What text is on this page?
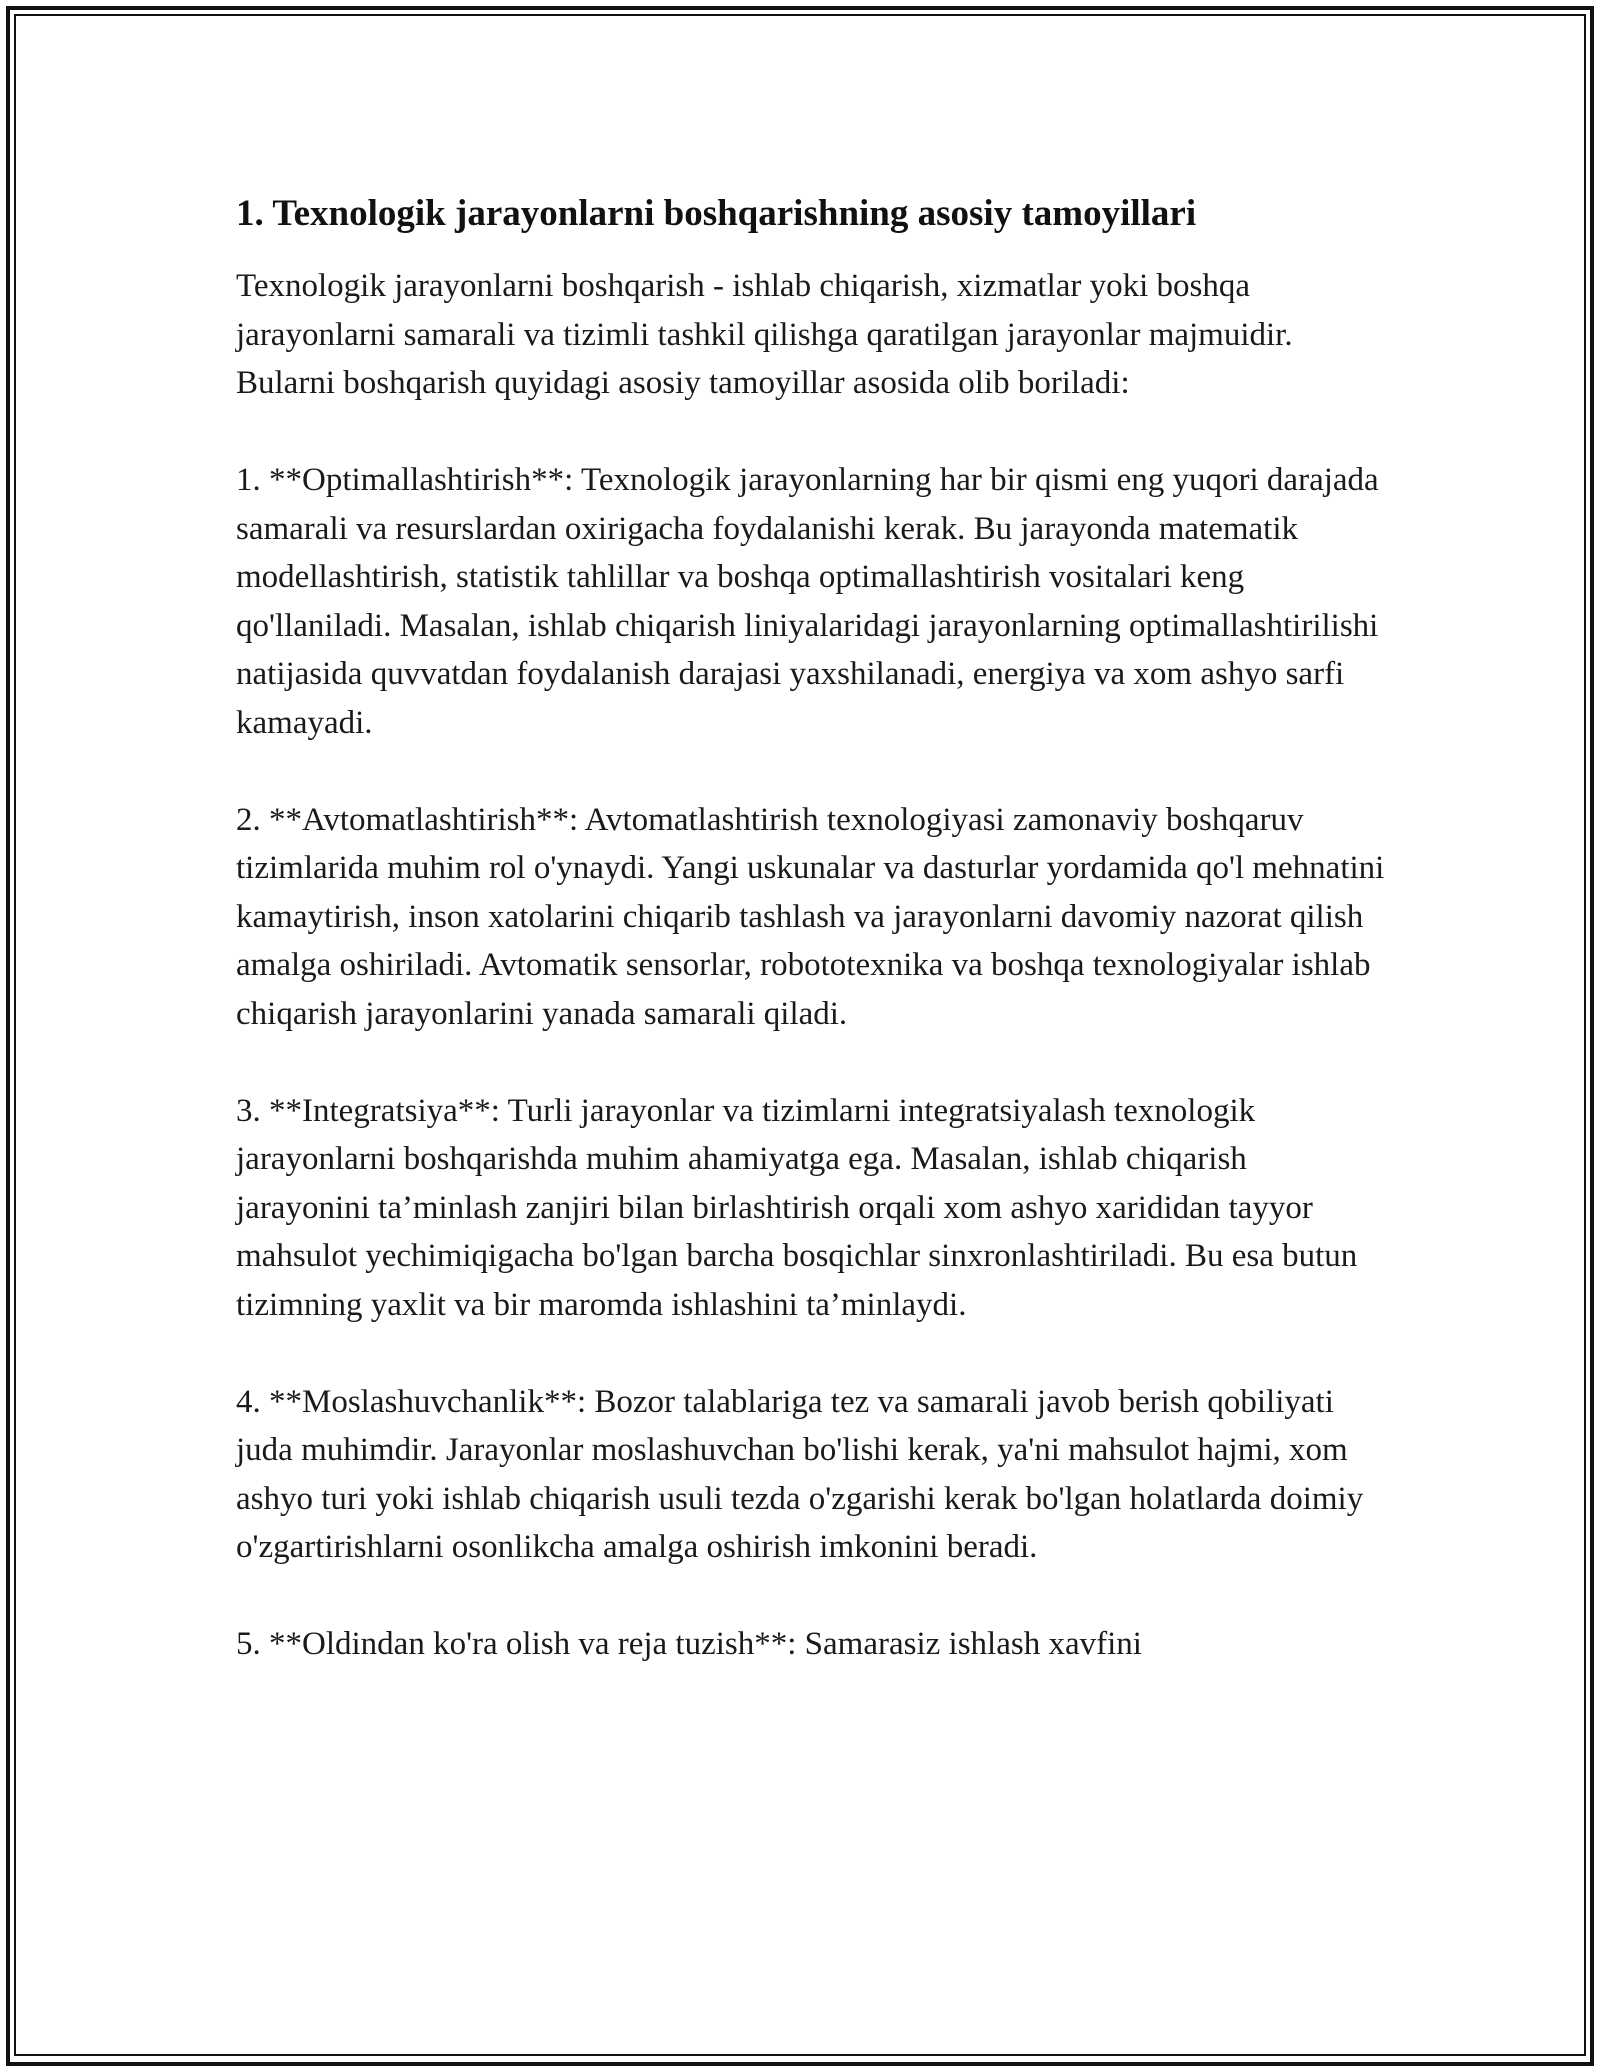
1. Texnologik jarayonlarni boshqarishning asosiy tamoyillari

Texnologik jarayonlarni boshqarish - ishlab chiqarish, xizmatlar yoki boshqa jarayonlarni samarali va tizimli tashkil qilishga qaratilgan jarayonlar majmuidir. Bularni boshqarish quyidagi asosiy tamoyillar asosida olib boriladi:

1. **Optimallashtirish**: Texnologik jarayonlarning har bir qismi eng yuqori darajada samarali va resurslardan oxirigacha foydalanishi kerak. Bu jarayonda matematik modellashtirish, statistik tahlillar va boshqa optimallashtirish vositalari keng qo'llaniladi. Masalan, ishlab chiqarish liniyalaridagi jarayonlarning optimallashtirilishi natijasida quvvatdan foydalanish darajasi yaxshilanadi, energiya va xom ashyo sarfi kamayadi.

2. **Avtomatlashtirish**: Avtomatlashtirish texnologiyasi zamonaviy boshqaruv tizimlarida muhim rol o'ynaydi. Yangi uskunalar va dasturlar yordamida qo'l mehnatini kamaytirish, inson xatolarini chiqarib tashlash va jarayonlarni davomiy nazorat qilish amalga oshiriladi. Avtomatik sensorlar, robototexnika va boshqa texnologiyalar ishlab chiqarish jarayonlarini yanada samarali qiladi.

3. **Integratsiya**: Turli jarayonlar va tizimlarni integratsiyalash texnologik jarayonlarni boshqarishda muhim ahamiyatga ega. Masalan, ishlab chiqarish jarayonini ta’minlash zanjiri bilan birlashtirish orqali xom ashyo xarididan tayyor mahsulot yechimiqigacha bo'lgan barcha bosqichlar sinxronlashtiriladi. Bu esa butun tizimning yaxlit va bir maromda ishlashini ta’minlaydi.

4. **Moslashuvchanlik**: Bozor talablariga tez va samarali javob berish qobiliyati juda muhimdir. Jarayonlar moslashuvchan bo'lishi kerak, ya'ni mahsulot hajmi, xom ashyo turi yoki ishlab chiqarish usuli tezda o'zgarishi kerak bo'lgan holatlarda doimiy o'zgartirishlarni osonlikcha amalga oshirish imkonini beradi.

5. **Oldindan ko'ra olish va reja tuzish**: Samarasiz ishlash xavfini
